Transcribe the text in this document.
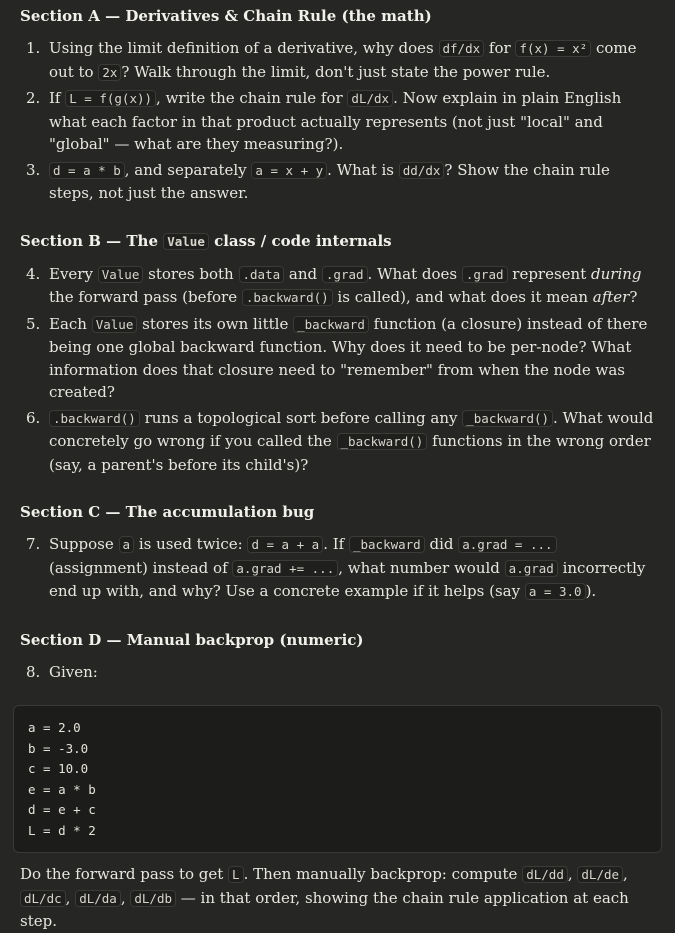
Section A — Derivatives & Chain Rule (the math)
1. Using the limit definition of a derivative, why does df/dx for f(x) = x² come out to 2x ? Walk through the limit, don't just state the power rule.
2. If L = f(g(x)) , write the chain rule for dL/dx . Now explain in plain English what each factor in that product actually represents (not just "local" and "global" — what are they measuring?).
3. d = a * b , and separately a = x + y . What is dd/dx ? Show the chain rule steps, not just the answer.
Section B — The Value class / code internals
4. Every Value stores both .data and .grad . What does .grad represent during the forward pass (before .backward() is called), and what does it mean after?
5. Each Value stores its own little _backward function (a closure) instead of there being one global backward function. Why does it need to be per-node? What information does that closure need to "remember" from when the node was created?
6. .backward() runs a topological sort before calling any _backward() . What would concretely go wrong if you called the _backward() functions in the wrong order (say, a parent's before its child's)?
Section C — The accumulation bug
7. Suppose a is used twice: d = a + a . If _backward did a.grad = ... (assignment) instead of a.grad += ... , what number would a.grad incorrectly end up with, and why? Use a concrete example if it helps (say a = 3.0 ).
Section D — Manual backprop (numeric)
8. Given:
a = 2.0
b = -3.0
c = 10.0
e = a * b
d = e + c
L = d * 2

Do the forward pass to get L . Then manually backprop: compute dL/dd , dL/de , dL/dc , dL/da , dL/db — in that order, showing the chain rule application at each step.
